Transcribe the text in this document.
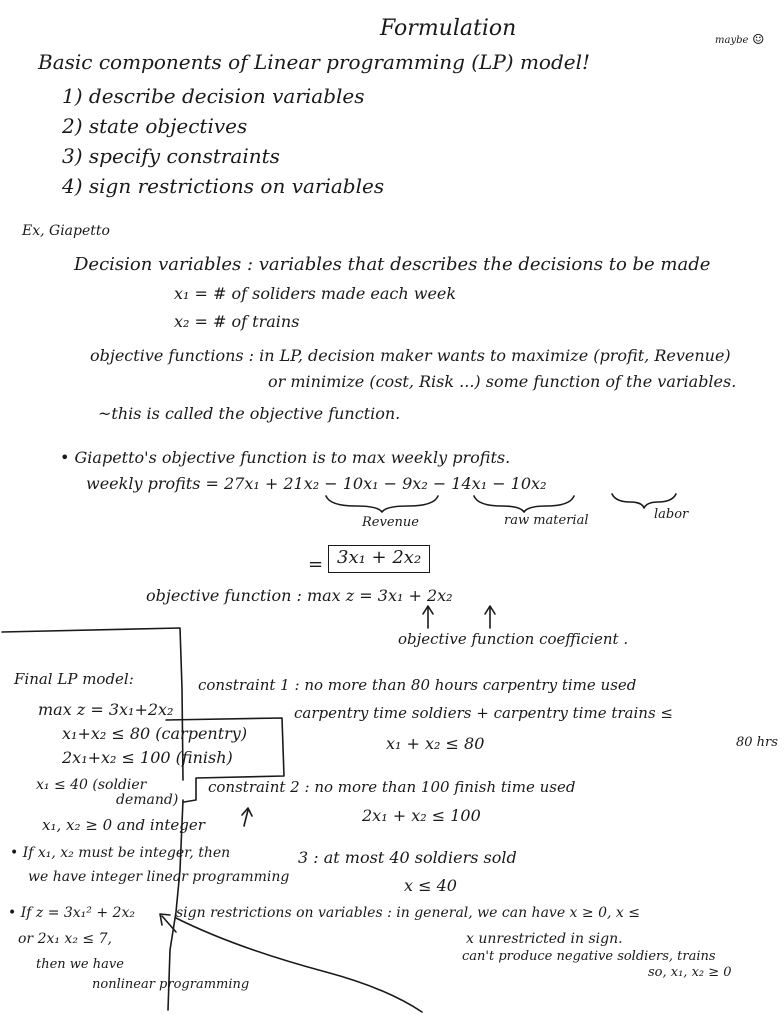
Formulation	maybe ☺
Basic components of Linear programming (LP) model!
1) describe decision variables
2) state objectives
3) specify constraints
4) sign restrictions on variables
Ex, Giapetto
Decision variables : variables that describes the decisions to be made
x₁ = # of soliders made each week
x₂ = # of trains
objective functions : in LP, decision maker wants to maximize (profit, Revenue)
or minimize (cost, Risk ...) some function of the variables.
~this is called the objective function.
• Giapetto's objective function is to max weekly profits.
weekly profits = 27x₁ + 21x₂ − 10x₁ − 9x₂ − 14x₁ − 10x₂
Revenue	raw material	labor
= 3x₁ + 2x₂
objective function : max z = 3x₁ + 2x₂
objective function coefficient .
Final LP model:
max z = 3x₁+2x₂
x₁+x₂ ≤ 80 (carpentry)
2x₁+x₂ ≤ 100 (finish)
x₁ ≤ 40 (soldier
demand)
x₁, x₂ ≥ 0 and integer
• If x₁, x₂ must be integer, then
we have integer linear programming
• If z = 3x₁² + 2x₂
or 2x₁ x₂ ≤ 7,
then we have
nonlinear programming
constraint 1 : no more than 80 hours carpentry time used
carpentry time soldiers + carpentry time trains ≤
80 hrs
x₁ + x₂ ≤ 80
constraint 2 : no more than 100 finish time used
2x₁ + x₂ ≤ 100
3 : at most 40 soldiers sold
x ≤ 40
sign restrictions on variables : in general, we can have x ≥ 0, x ≤
x unrestricted in sign.
can't produce negative soldiers, trains
so, x₁, x₂ ≥ 0
